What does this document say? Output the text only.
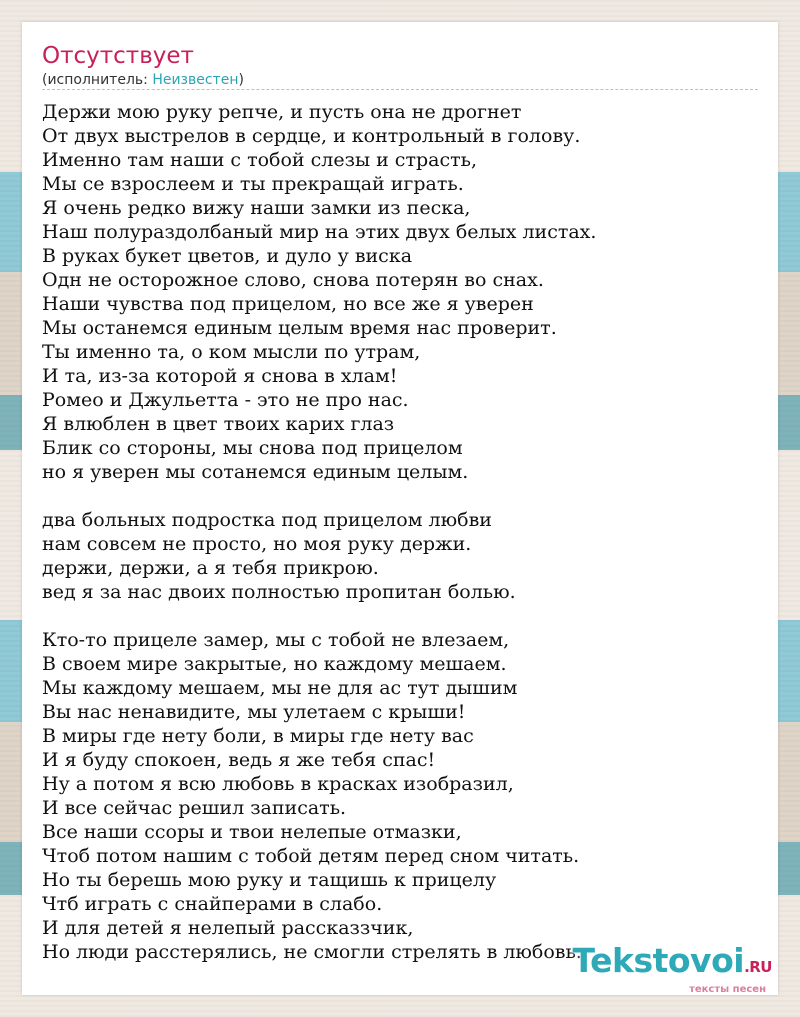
Отсутствует
(исполнитель: Неизвестен)
Держи мою руку репче, и пусть она не дрогнет
От двух выстрелов в сердце, и контрольный в голову.
Именно там наши с тобой слезы и страсть,
Мы се взрослеем и ты прекращай играть.
Я очень редко вижу наши замки из песка,
Наш полураздолбаный мир на этих двух белых листах.
В руках букет цветов, и дуло у виска
Одн не осторожное слово, снова потерян во снах.
Наши чувства под прицелом, но все же я уверен
Мы останемся единым целым время нас проверит.
Ты именно та, о ком мысли по утрам,
И та, из-за которой я снова в хлам!
Ромео и Джульетта - это не про нас.
Я влюблен в цвет твоих карих глаз
Блик со стороны, мы снова под прицелом
но я уверен мы сотанемся единым целым.
два больных подростка под прицелом любви
нам совсем не просто, но моя руку держи.
держи, держи, а я тебя прикрою.
вед я за нас двоих полностью пропитан болью.
Кто-то прицеле замер, мы с тобой не влезаем,
В своем мире закрытые, но каждому мешаем.
Мы каждому мешаем, мы не для ас тут дышим
Вы нас ненавидите, мы улетаем с крыши!
В миры где нету боли, в миры где нету вас
И я буду спокоен, ведь я же тебя спас!
Ну а потом я всю любовь в красках изобразил,
И все сейчас решил записать.
Все наши ссоры и твои нелепые отмазки,
Чтоб потом нашим с тобой детям перед сном читать.
Но ты берешь мою руку и тащишь к прицелу
Чтб играть с снайперами в слабо.
И для детей я нелепый рассказзчик,
Но люди расстерялись, не смогли стрелять в любовь.
Tekstovoi.RU
тексты песен
